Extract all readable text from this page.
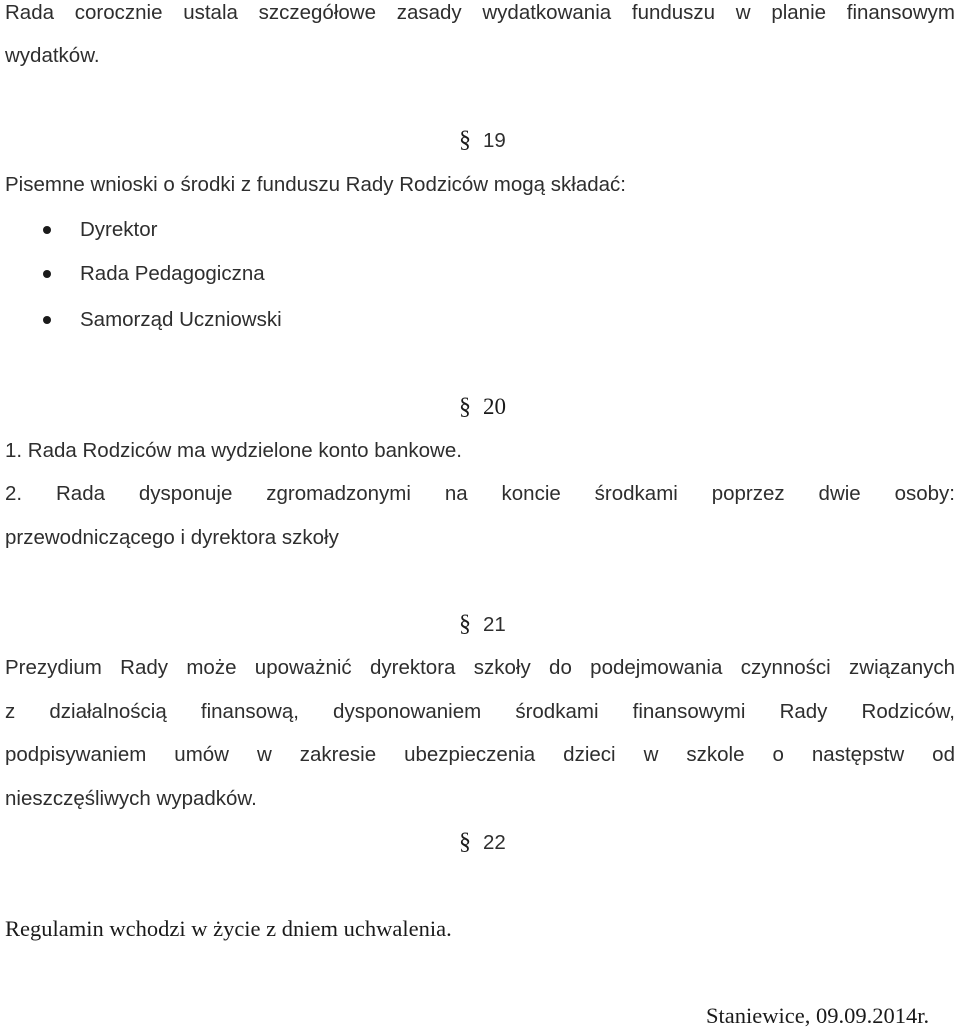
Rada corocznie ustala szczegółowe zasady wydatkowania funduszu w planie finansowym
wydatków.
§ 19
Pisemne wnioski o środki z funduszu Rady Rodziców mogą składać:
Dyrektor
Rada Pedagogiczna
Samorząd Uczniowski
§ 20
1. Rada Rodziców ma wydzielone konto bankowe.
2. Rada dysponuje zgromadzonymi na koncie środkami poprzez dwie osoby:
przewodniczącego i dyrektora szkoły
§ 21
Prezydium Rady może upoważnić dyrektora szkoły do podejmowania czynności związanych
z działalnością finansową, dysponowaniem środkami finansowymi Rady Rodziców,
podpisywaniem umów w zakresie ubezpieczenia dzieci w szkole o następstw od
nieszczęśliwych wypadków.
§ 22
Regulamin wchodzi w życie z dniem uchwalenia.
Staniewice, 09.09.2014r.
